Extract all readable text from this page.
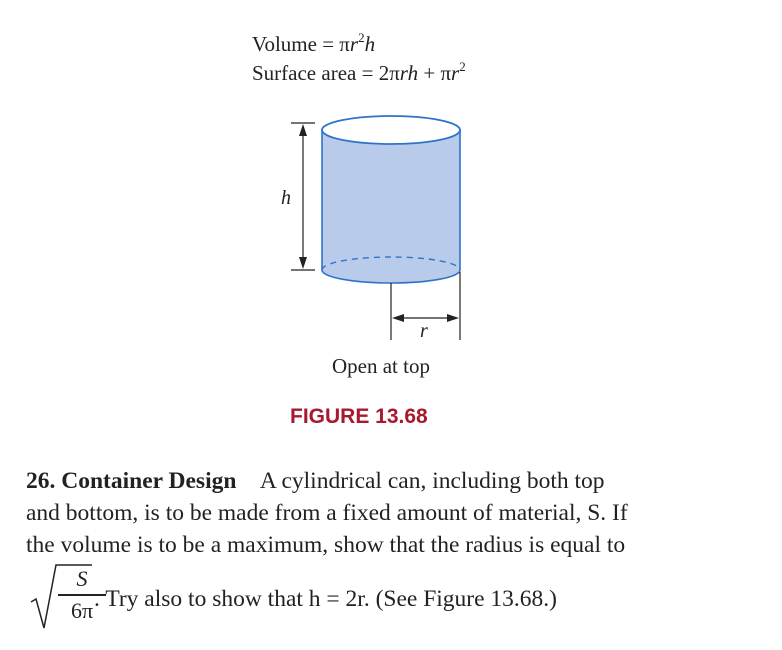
Volume = $\pi r^2h$
Surface area = $2\pi rh + \pi r^2$
h
r
Open at top
FIGURE 13.68
26. Container Design A cylindrical can, including both top
and bottom, is to be made from a fixed amount of material, S. If
the volume is to be a maximum, show that the radius is equal to
S
6π . Try also to show that h = 2r. (See Figure 13.68.)
